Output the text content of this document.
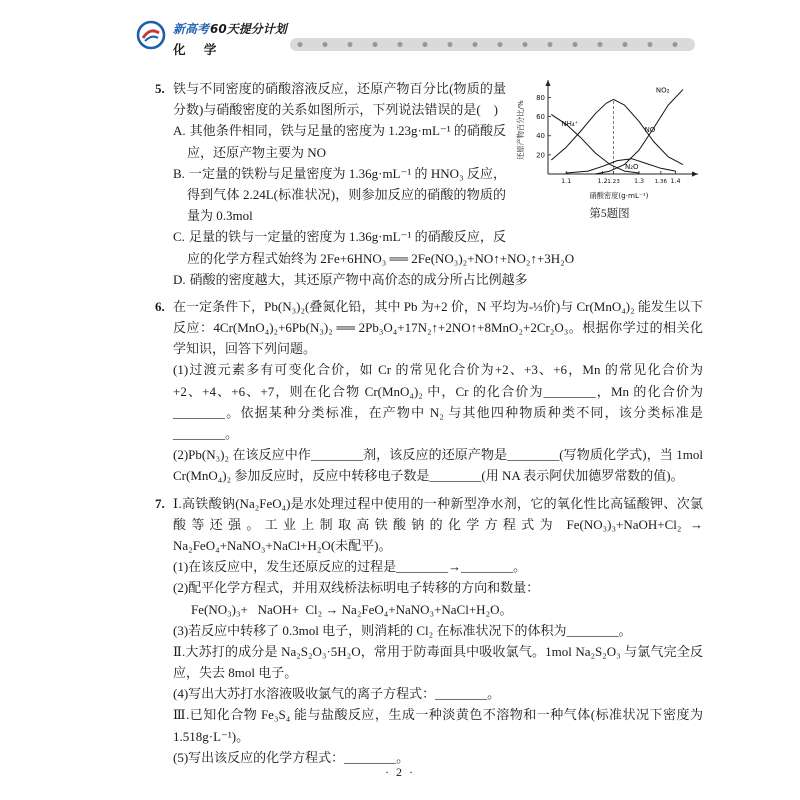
新高考60天提分计划
化 学
5.
20
40
60
80
1.1	1.2 1.23 1.3 1.36 1.4
NH₄⁺
NO
N₂O
NO₂
硝酸密度(g·mL⁻¹)
还原产物百分比/%
第5题图

铁与不同密度的硝酸溶液反应，还原产物百分比(物质的量分数)与硝酸密度的关系如图所示，下列说法错误的是(    )

A. 其他条件相同，铁与足量的密度为 1.23g·mL⁻¹ 的硝酸反应，还原产物主要为 NO

B. 一定量的铁粉与足量密度为 1.36g·mL⁻¹ 的 HNO₃ 反应，得到气体 2.24L(标准状况)，则参加反应的硝酸的物质的量为 0.3mol

C. 足量的铁与一定量的密度为 1.36g·mL⁻¹ 的硝酸反应，反应的化学方程式始终为 2Fe+6HNO₃ ══ 2Fe(NO₃)₂+NO↑+NO₂↑+3H₂O

D. 硝酸的密度越大，其还原产物中高价态的成分所占比例越多

6. 在一定条件下，Pb(N₃)₂(叠氮化铅，其中 Pb 为+2 价，N 平均为-⅓价)与 Cr(MnO₄)₂ 能发生以下反应：4Cr(MnO₄)₂+6Pb(N₃)₂ ══ 2Pb₃O₄+17N₂↑+2NO↑+8MnO₂+2Cr₂O₃。根据你学过的相关化学知识，回答下列问题。

(1)过渡元素多有可变化合价，如 Cr 的常见化合价为+2、+3、+6，Mn 的常见化合价为+2、+4、+6、+7，则在化合物 Cr(MnO₄)₂ 中，Cr 的化合价为________，Mn 的化合价为________。依据某种分类标准，在产物中 N₂ 与其他四种物质种类不同，该分类标准是________。

(2)Pb(N₃)₂ 在该反应中作________剂，该反应的还原产物是________(写物质化学式)，当 1mol Cr(MnO₄)₂ 参加反应时，反应中转移电子数是________(用 NA 表示阿伏加德罗常数的值)。

7. Ⅰ.高铁酸钠(Na₂FeO₄)是水处理过程中使用的一种新型净水剂，它的氧化性比高锰酸钾、次氯酸等还强。工业上制取高铁酸钠的化学方程式为 Fe(NO₃)₃+NaOH+Cl₂ → Na₂FeO₄+NaNO₃+NaCl+H₂O(未配平)。

(1)在该反应中，发生还原反应的过程是________→________。

(2)配平化学方程式，并用双线桥法标明电子转移的方向和数量：

Fe(NO₃)₃+   NaOH+  Cl₂ → Na₂FeO₄+NaNO₃+NaCl+H₂O。

(3)若反应中转移了 0.3mol 电子，则消耗的 Cl₂ 在标准状况下的体积为________。

Ⅱ.大苏打的成分是 Na₂S₂O₃·5H₂O，常用于防毒面具中吸收氯气。1mol Na₂S₂O₃ 与氯气完全反应，失去 8mol 电子。

(4)写出大苏打水溶液吸收氯气的离子方程式：________。

Ⅲ.已知化合物 Fe₃S₄ 能与盐酸反应，生成一种淡黄色不溶物和一种气体(标准状况下密度为 1.518g·L⁻¹)。

(5)写出该反应的化学方程式：________。

· 2 ·
